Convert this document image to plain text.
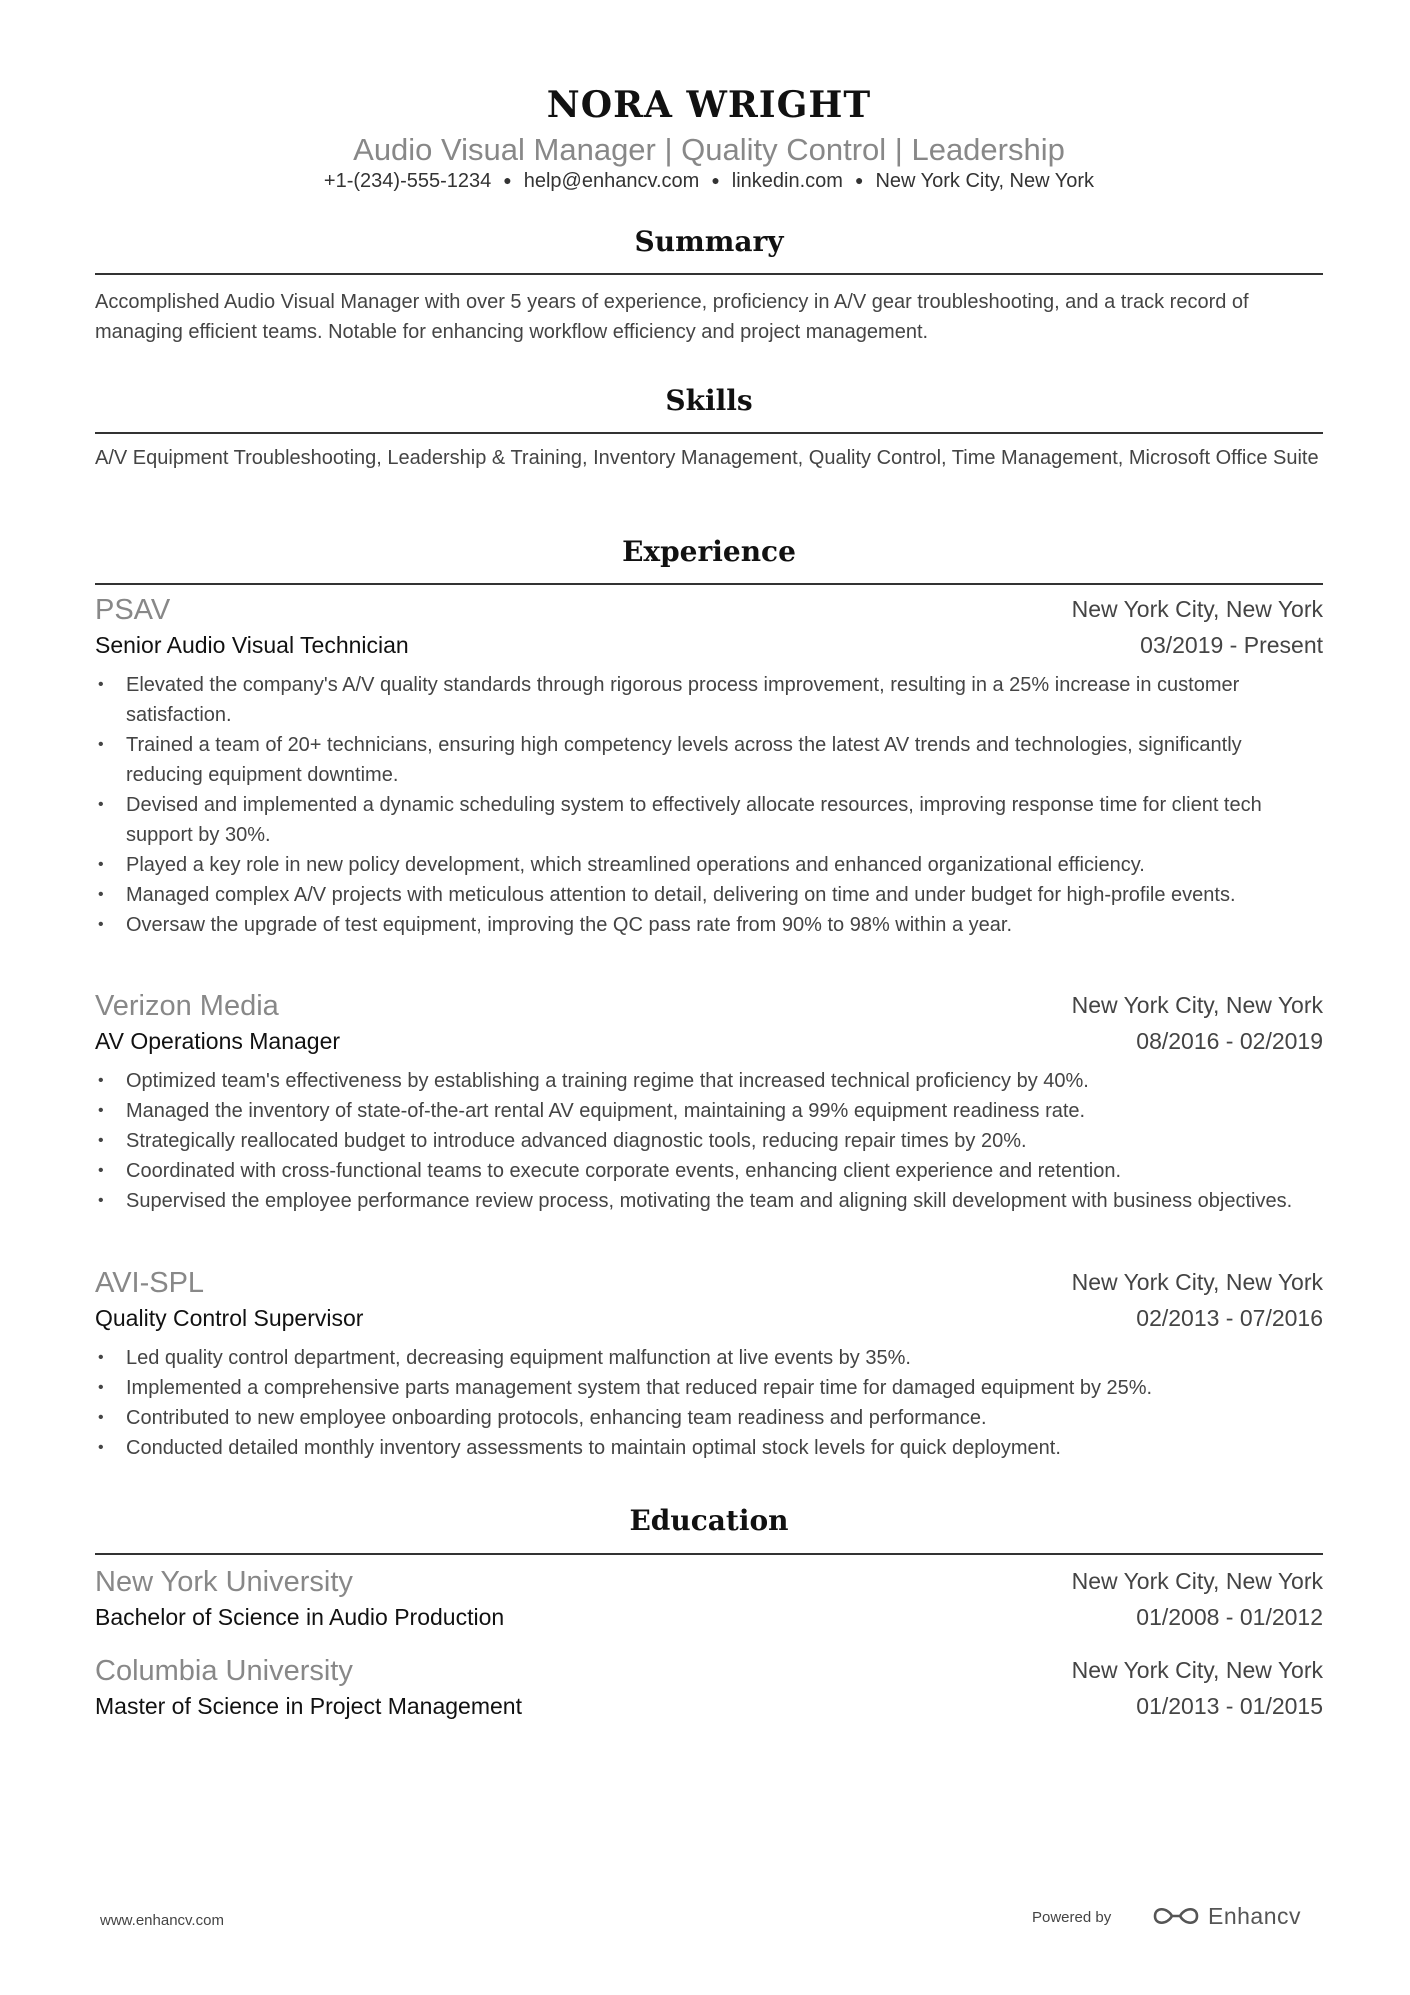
NORA WRIGHT
Audio Visual Manager | Quality Control | Leadership
+1-(234)-555-1234 ● help@enhancv.com ● linkedin.com ● New York City, New York
Summary
Accomplished Audio Visual Manager with over 5 years of experience, proficiency in A/V gear troubleshooting, and a track record of managing efficient teams. Notable for enhancing workflow efficiency and project management.
Skills
A/V Equipment Troubleshooting, Leadership & Training, Inventory Management, Quality Control, Time Management, Microsoft Office Suite
Experience
PSAV	New York City, New York
Senior Audio Visual Technician	03/2019 - Present
• Elevated the company's A/V quality standards through rigorous process improvement, resulting in a 25% increase in customer satisfaction.
• Trained a team of 20+ technicians, ensuring high competency levels across the latest AV trends and technologies, significantly reducing equipment downtime.
• Devised and implemented a dynamic scheduling system to effectively allocate resources, improving response time for client tech support by 30%.
• Played a key role in new policy development, which streamlined operations and enhanced organizational efficiency.
• Managed complex A/V projects with meticulous attention to detail, delivering on time and under budget for high-profile events.
• Oversaw the upgrade of test equipment, improving the QC pass rate from 90% to 98% within a year.
Verizon Media	New York City, New York
AV Operations Manager	08/2016 - 02/2019
• Optimized team's effectiveness by establishing a training regime that increased technical proficiency by 40%.
• Managed the inventory of state-of-the-art rental AV equipment, maintaining a 99% equipment readiness rate.
• Strategically reallocated budget to introduce advanced diagnostic tools, reducing repair times by 20%.
• Coordinated with cross-functional teams to execute corporate events, enhancing client experience and retention.
• Supervised the employee performance review process, motivating the team and aligning skill development with business objectives.
AVI-SPL	New York City, New York
Quality Control Supervisor	02/2013 - 07/2016
• Led quality control department, decreasing equipment malfunction at live events by 35%.
• Implemented a comprehensive parts management system that reduced repair time for damaged equipment by 25%.
• Contributed to new employee onboarding protocols, enhancing team readiness and performance.
• Conducted detailed monthly inventory assessments to maintain optimal stock levels for quick deployment.
Education
New York University	New York City, New York
Bachelor of Science in Audio Production	01/2008 - 01/2012
Columbia University	New York City, New York
Master of Science in Project Management	01/2013 - 01/2015
www.enhancv.com	Powered by	Enhancv
